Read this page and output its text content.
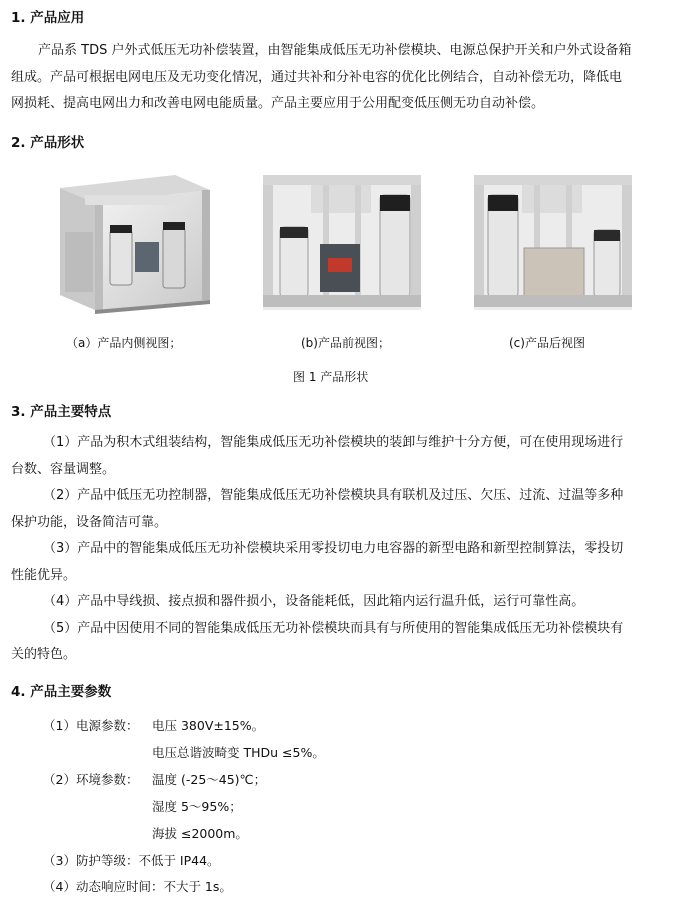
1. 产品应用
产品系 TDS 户外式低压无功补偿装置，由智能集成低压无功补偿模块、电源总保护开关和户外式设备箱
组成。产品可根据电网电压及无功变化情况，通过共补和分补电容的优化比例结合，自动补偿无功，降低电
网损耗、提高电网出力和改善电网电能质量。产品主要应用于公用配变低压侧无功自动补偿。
2. 产品形状
（a）产品内侧视图；	(b)产品前视图；	(c)产品后视图
图 1 产品形状
3. 产品主要特点
（1）产品为积木式组装结构，智能集成低压无功补偿模块的装卸与维护十分方便，可在使用现场进行
台数、容量调整。
（2）产品中低压无功控制器，智能集成低压无功补偿模块具有联机及过压、欠压、过流、过温等多种
保护功能，设备简洁可靠。
（3）产品中的智能集成低压无功补偿模块采用零投切电力电容器的新型电路和新型控制算法，零投切
性能优异。
（4）产品中导线损、接点损和器件损小，设备能耗低，因此箱内运行温升低，运行可靠性高。
（5）产品中因使用不同的智能集成低压无功补偿模块而具有与所使用的智能集成低压无功补偿模块有
关的特色。
4. 产品主要参数
（1）电源参数： 电压 380V±15%。
电压总谐波畸变 THDu ≤5%。
（2）环境参数： 温度 (-25～45)℃；
湿度 5～95%；
海拔 ≤2000m。
（3）防护等级：不低于 IP44。
（4）动态响应时间：不大于 1s。
